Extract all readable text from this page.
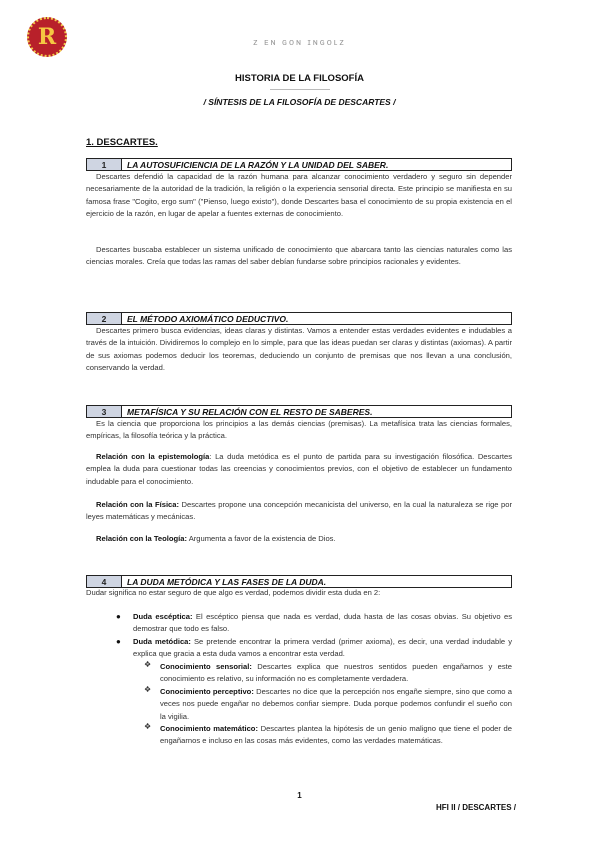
R	ᴢ ᴇɴ ɢᴏɴ ɪɴɢᴏʟᴢ
HISTORIA DE LA FILOSOFÍA
/ SÍNTESIS DE LA FILOSOFÍA DE DESCARTES /
1. DESCARTES.
1	LA AUTOSUFICIENCIA DE LA RAZÓN Y LA UNIDAD DEL SABER.
Descartes defendió la capacidad de la razón humana para alcanzar conocimiento verdadero y seguro sin depender necesariamente de la autoridad de la tradición, la religión o la experiencia sensorial directa. Este principio se manifiesta en su famosa frase "Cogito, ergo sum" ("Pienso, luego existo"), donde Descartes basa el conocimiento de su propia existencia en el ejercicio de la razón, en lugar de apelar a fuentes externas de conocimiento.
Descartes buscaba establecer un sistema unificado de conocimiento que abarcara tanto las ciencias naturales como las ciencias morales. Creía que todas las ramas del saber debían fundarse sobre principios racionales y evidentes.
2	EL MÉTODO AXIOMÁTICO DEDUCTIVO.
Descartes primero busca evidencias, ideas claras y distintas. Vamos a entender estas verdades evidentes e indudables a través de la intuición. Dividiremos lo complejo en lo simple, para que las ideas puedan ser claras y distintas (axiomas). A partir de sus axiomas podemos deducir los teoremas, deduciendo un conjunto de premisas que nos llevan a una conclusión, conservando la verdad.
3	METAFÍSICA Y SU RELACIÓN CON EL RESTO DE SABERES.
Es la ciencia que proporciona los principios a las demás ciencias (premisas). La metafísica trata las ciencias formales, empíricas, la filosofía teórica y la práctica.
Relación con la epistemología: La duda metódica es el punto de partida para su investigación filosófica. Descartes emplea la duda para cuestionar todas las creencias y conocimientos previos, con el objetivo de establecer un fundamento indudable para el conocimiento.
Relación con la Física: Descartes propone una concepción mecanicista del universo, en la cual la naturaleza se rige por leyes matemáticas y mecánicas.
Relación con la Teología: Argumenta a favor de la existencia de Dios.
4	LA DUDA METÓDICA Y LAS FASES DE LA DUDA.
Dudar significa no estar seguro de que algo es verdad, podemos dividir esta duda en 2:
● Duda escéptica: El escéptico piensa que nada es verdad, duda hasta de las cosas obvias. Su objetivo es demostrar que todo es falso.
● Duda metódica: Se pretende encontrar la primera verdad (primer axioma), es decir, una verdad indudable y explica que gracia a esta duda vamos a encontrar esta verdad.
❖ Conocimiento sensorial: Descartes explica que nuestros sentidos pueden engañarnos y este conocimiento es relativo, su información no es completamente verdadera.
❖ Conocimiento perceptivo: Descartes no dice que la percepción nos engañe siempre, sino que como a veces nos puede engañar no debemos confiar siempre. Duda porque podemos confundir el sueño con la vigilia.
❖ Conocimiento matemático: Descartes plantea la hipótesis de un genio maligno que tiene el poder de engañarnos e incluso en las cosas más evidentes, como las verdades matemáticas.
1
HFI II / DESCARTES /
